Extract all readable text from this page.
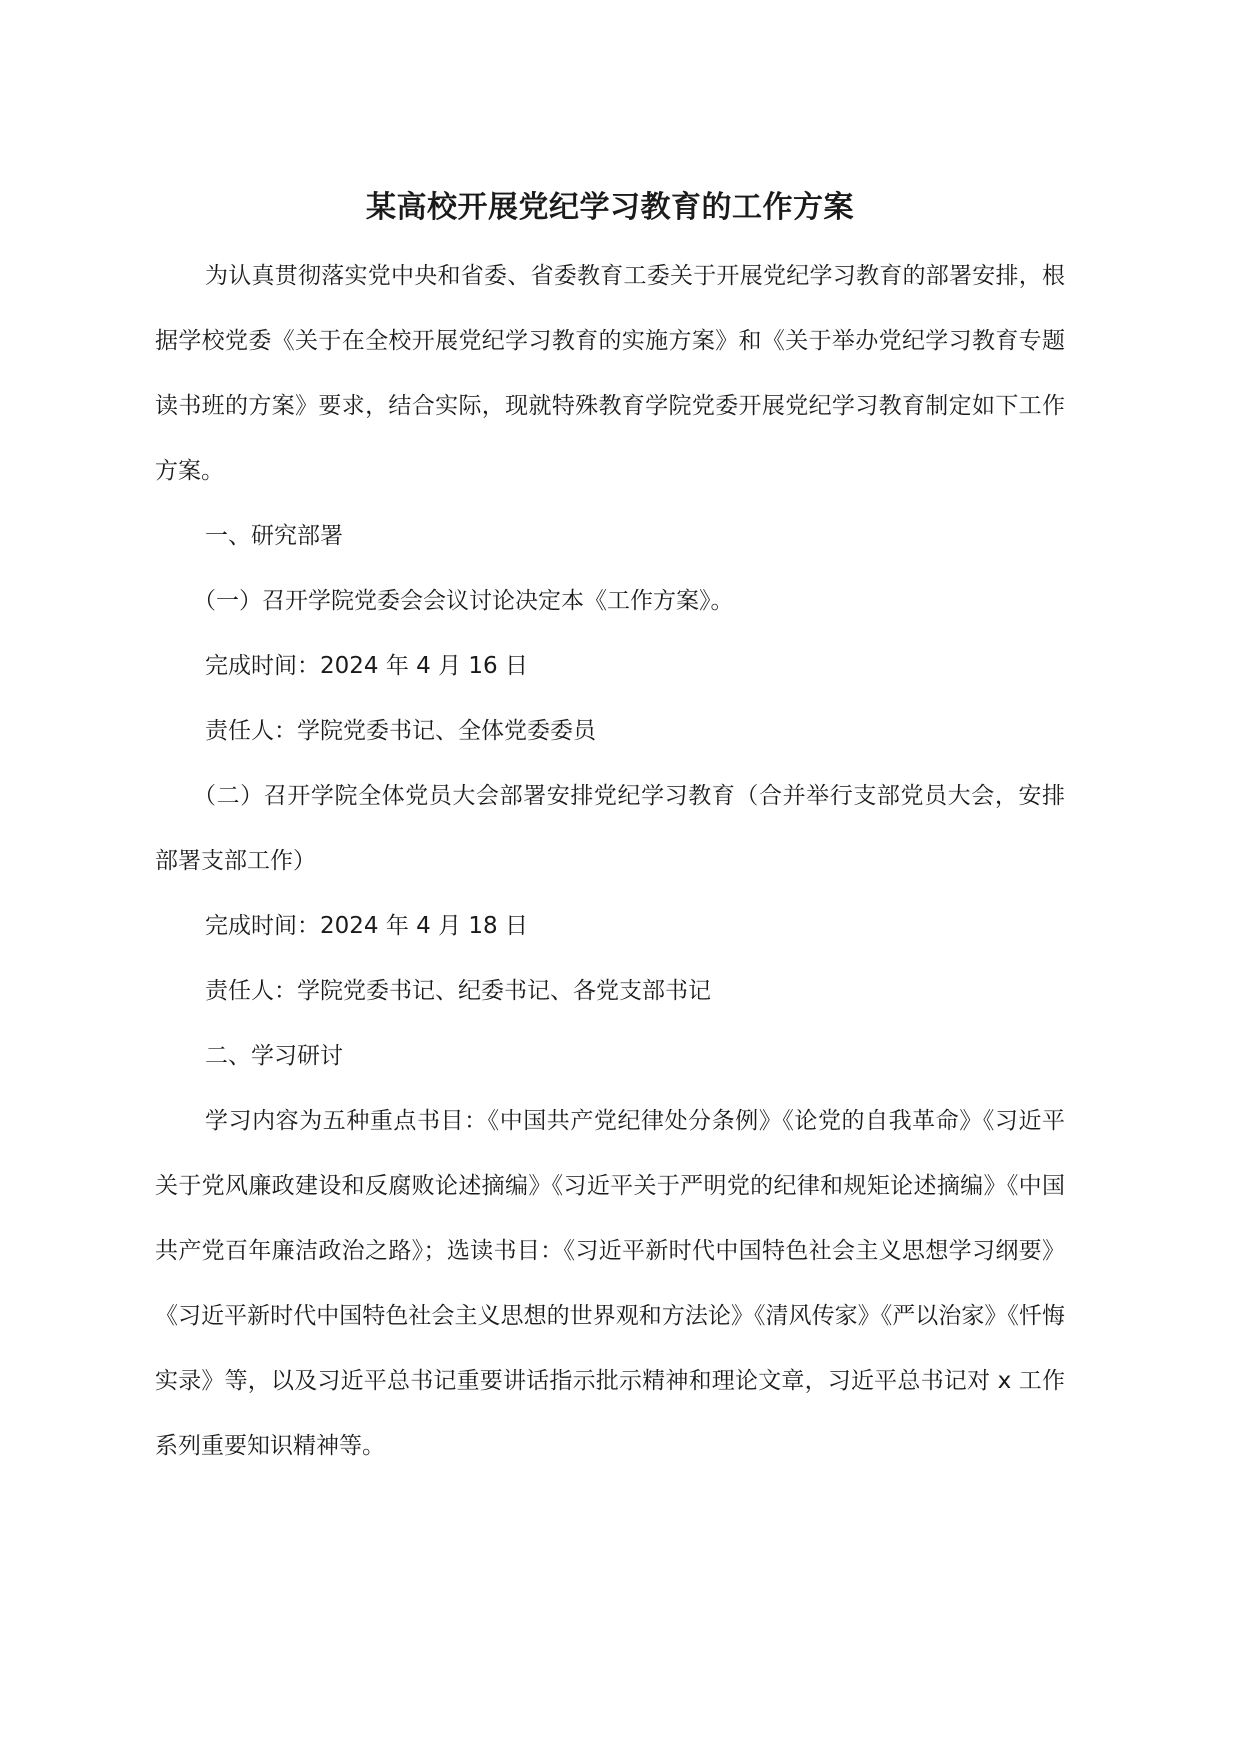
某高校开展党纪学习教育的工作方案

为认真贯彻落实党中央和省委、省委教育工委关于开展党纪学习教育的部署安排，根据学校党委《关于在全校开展党纪学习教育的实施方案》和《关于举办党纪学习教育专题读书班的方案》要求，结合实际，现就特殊教育学院党委开展党纪学习教育制定如下工作方案。

一、研究部署

（一）召开学院党委会会议讨论决定本《工作方案》。

完成时间：2024 年 4 月 16 日

责任人：学院党委书记、全体党委委员

（二）召开学院全体党员大会部署安排党纪学习教育（合并举行支部党员大会，安排部署支部工作）

完成时间：2024 年 4 月 18 日

责任人：学院党委书记、纪委书记、各党支部书记

二、学习研讨

学习内容为五种重点书目：《中国共产党纪律处分条例》《论党的自我革命》《习近平关于党风廉政建设和反腐败论述摘编》《习近平关于严明党的纪律和规矩论述摘编》《中国共产党百年廉洁政治之路》；选读书目：《习近平新时代中国特色社会主义思想学习纲要》《习近平新时代中国特色社会主义思想的世界观和方法论》《清风传家》《严以治家》《忏悔实录》等，以及习近平总书记重要讲话指示批示精神和理论文章，习近平总书记对 x 工作系列重要知识精神等。
